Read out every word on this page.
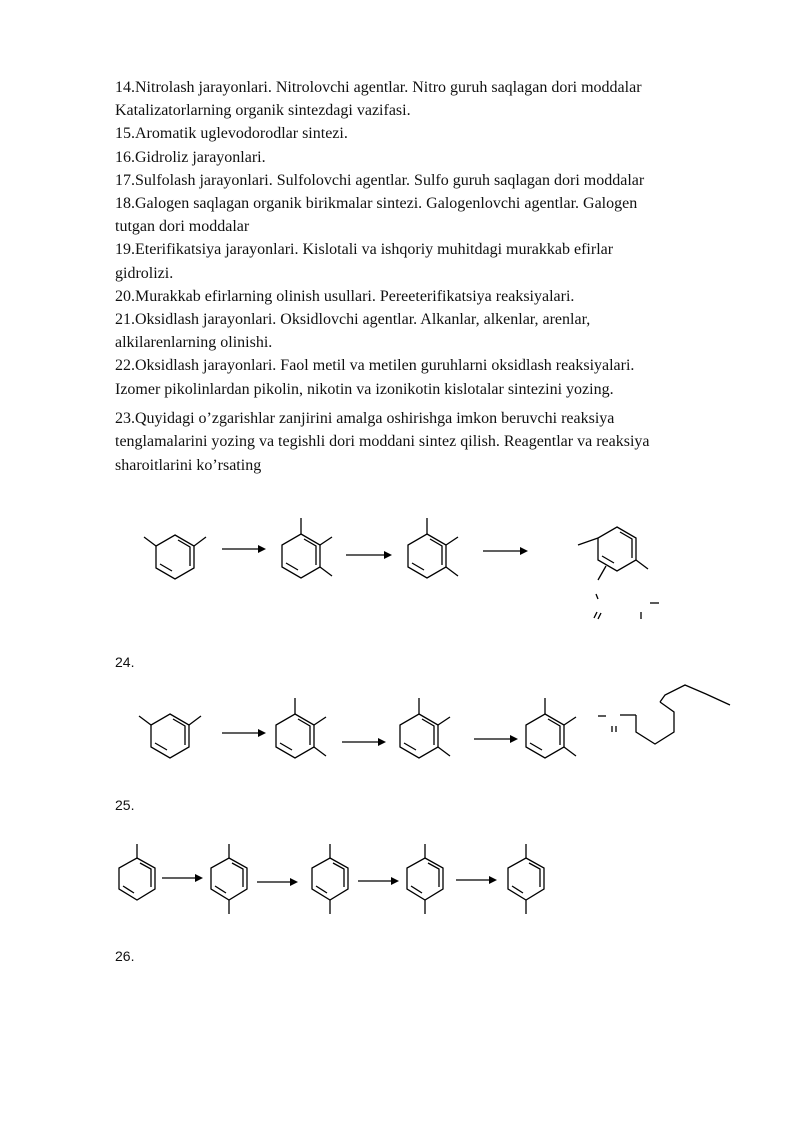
14.Nitrolash jarayonlari. Nitrolovchi agentlar. Nitro guruh saqlagan dori moddalar
Katalizatorlarning organik sintezdagi vazifasi.

15.Aromatik uglevodorodlar sintezi.

16.Gidroliz jarayonlari.

17.Sulfolash jarayonlari. Sulfolovchi agentlar. Sulfo guruh saqlagan dori moddalar

18.Galogen saqlagan organik birikmalar sintezi. Galogenlovchi agentlar. Galogen
tutgan dori moddalar

19.Eterifikatsiya jarayonlari. Kislotali va ishqoriy muhitdagi murakkab efirlar
gidrolizi.

20.Murakkab efirlarning olinish usullari. Pereeterifikatsiya reaksiyalari.

21.Oksidlash jarayonlari. Oksidlovchi agentlar. Alkanlar, alkenlar, arenlar,
alkilarenlarning olinishi.

22.Oksidlash jarayonlari. Faol metil va metilen guruhlarni oksidlash reaksiyalari.
Izomer pikolinlardan pikolin, nikotin va izonikotin kislotalar sintezini yozing.

23.Quyidagi o’zgarishlar zanjirini amalga oshirishga imkon beruvchi reaksiya
tenglamalarini yozing va tegishli dori moddani sintez qilish. Reagentlar va reaksiya
sharoitlarini ko’rsating

24.
25.
26.
